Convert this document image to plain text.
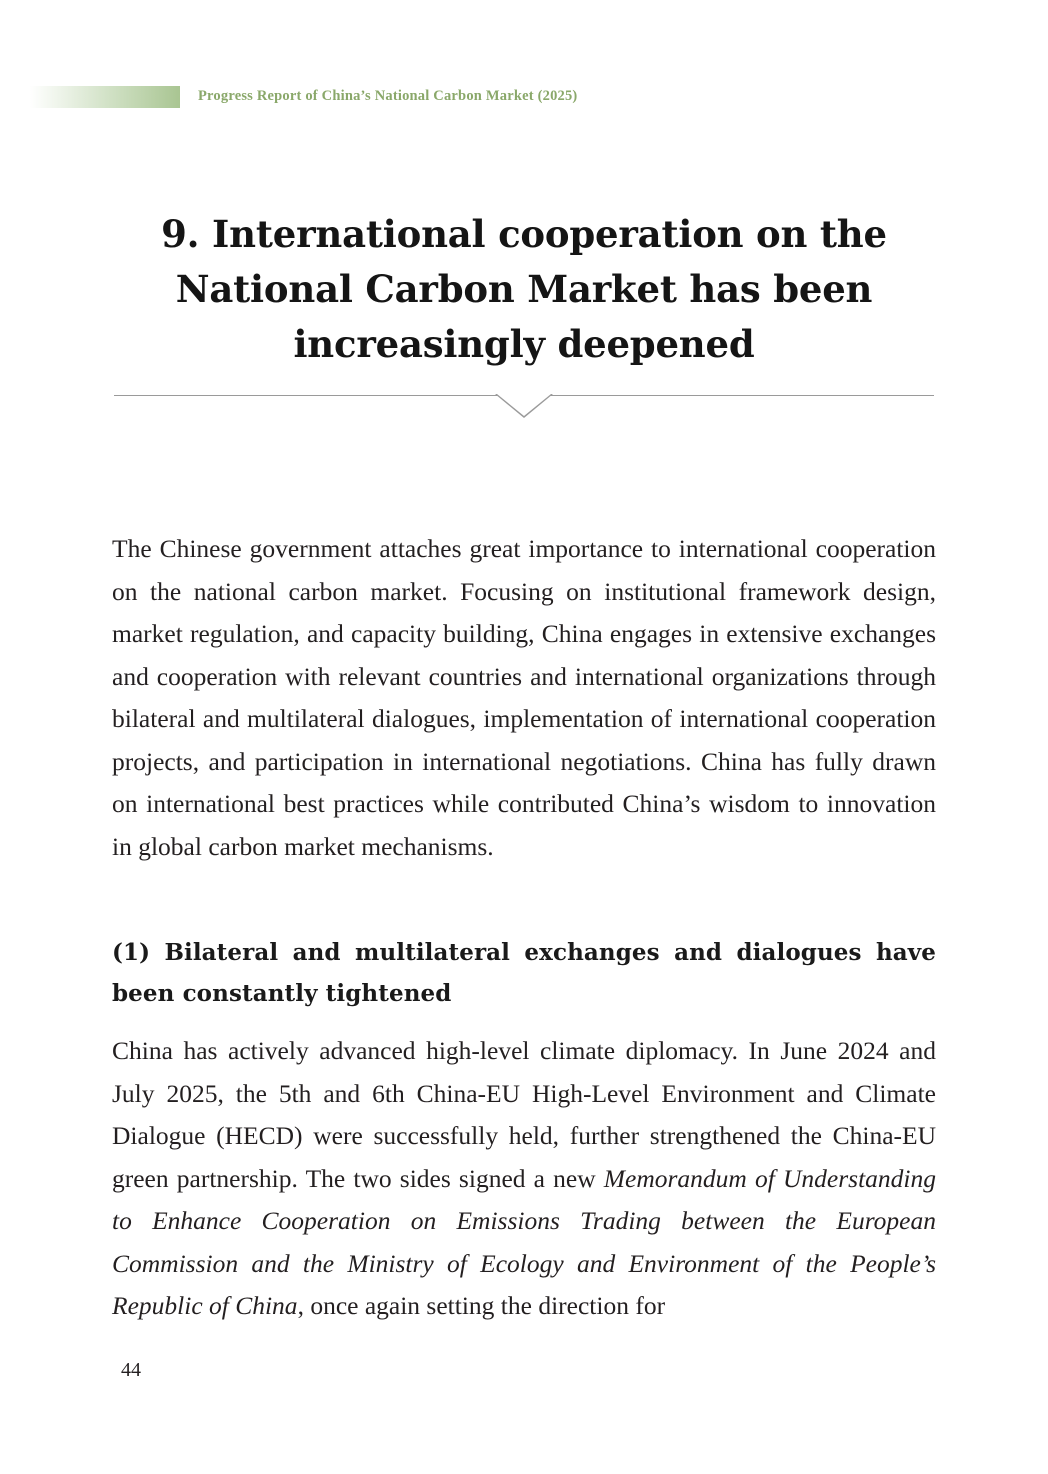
Progress Report of China’s National Carbon Market (2025)
9. International cooperation on the National Carbon Market has been increasingly deepened

The Chinese government attaches great importance to international cooperation on the national carbon market. Focusing on institutional framework design, market regulation, and capacity building, China engages in extensive exchanges and cooperation with relevant countries and international organizations through bilateral and multilateral dialogues, implementation of international cooperation projects, and participation in international negotiations. China has fully drawn on international best practices while contributed China’s wisdom to innovation in global carbon market mechanisms.

(1) Bilateral and multilateral exchanges and dialogues have been constantly tightened

China has actively advanced high-level climate diplomacy. In June 2024 and July 2025, the 5th and 6th China-EU High-Level Environment and Climate Dialogue (HECD) were successfully held, further strengthened the China-EU green partnership. The two sides signed a new Memorandum of Understanding to Enhance Cooperation on Emissions Trading between the European Commission and the Ministry of Ecology and Environment of the People’s Republic of China, once again setting the direction for

44
